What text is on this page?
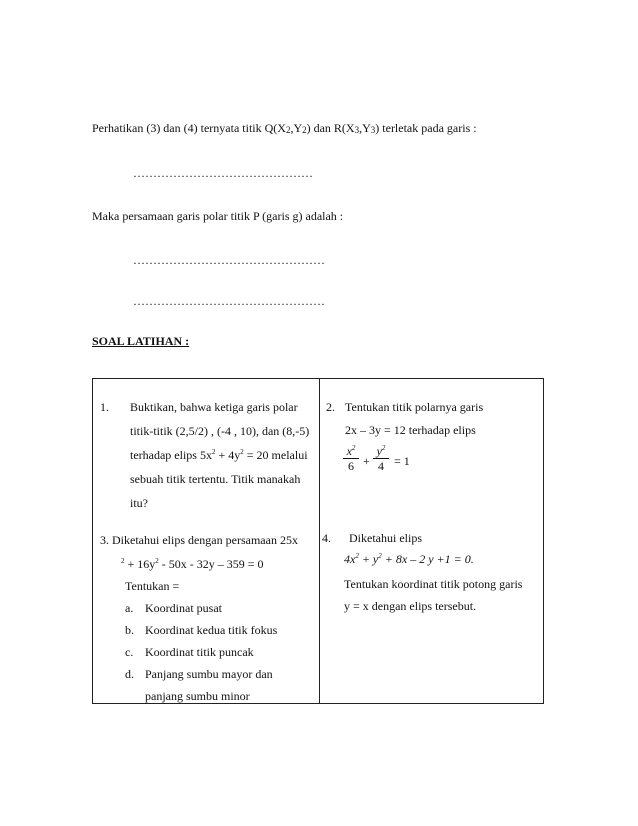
Perhatikan (3) dan (4) ternyata titik $Q(X_2,Y_2)$ dan $R(X_3,Y_3)$ terletak pada garis :
………………………………………
Maka persamaan garis polar titik P (garis g) adalah :
…………………………………………
…………………………………………
SOAL LATIHAN :
1. Buktikan, bahwa ketiga garis polar
titik-titik (2,5/2) , (-4 , 10), dan (8,-5)
terhadap elips $5x^2 + 4y^2 = 20$ melalui
sebuah titik tertentu. Titik manakah
itu?
2. Tentukan titik polarnya garis
2x – 3y = 12 terhadap elips
$\frac{x^2}{6} + \frac{y^2}{4} = 1$
3. Diketahui elips dengan persamaan 25x
$^2 + 16y^2 - 50x - 32y - 359 = 0$
Tentukan =
a. Koordinat pusat
b. Koordinat kedua titik fokus
c. Koordinat titik puncak
d. Panjang sumbu mayor dan
panjang sumbu minor
4. Diketahui elips
$4x^2 + y^2 + 8x - 2$ y +1 = 0.
Tentukan koordinat titik potong garis
y = x dengan elips tersebut.
